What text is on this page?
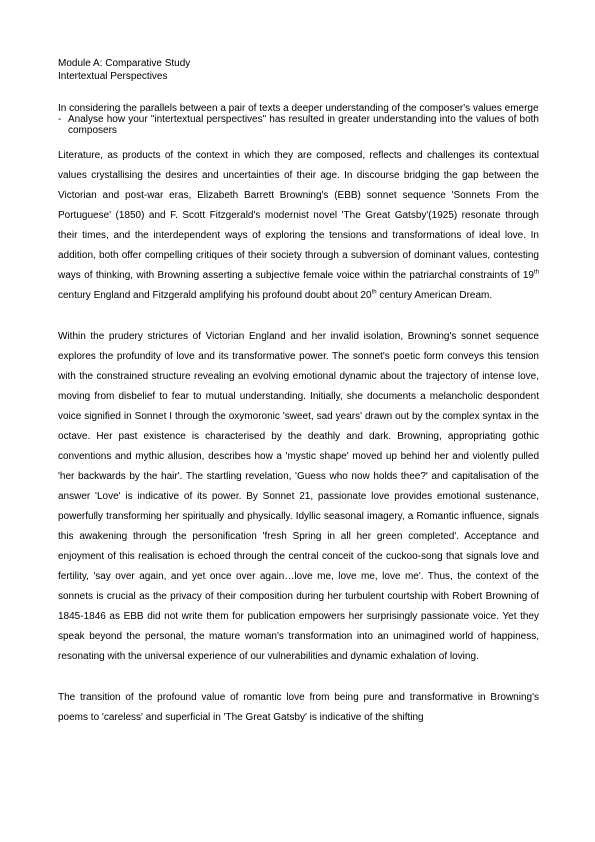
Module A: Comparative Study

Intertextual Perspectives

In considering the parallels between a pair of texts a deeper understanding of the composer's values emerge

- Analyse how your "intertextual perspectives" has resulted in greater understanding into the values of both composers

Literature, as products of the context in which they are composed, reflects and challenges its contextual values crystallising the desires and uncertainties of their age. In discourse bridging the gap between the Victorian and post-war eras, Elizabeth Barrett Browning's (EBB) sonnet sequence 'Sonnets From the Portuguese' (1850) and F. Scott Fitzgerald's modernist novel 'The Great Gatsby'(1925) resonate through their times, and the interdependent ways of exploring the tensions and transformations of ideal love. In addition, both offer compelling critiques of their society through a subversion of dominant values, contesting ways of thinking, with Browning asserting a subjective female voice within the patriarchal constraints of 19th century England and Fitzgerald amplifying his profound doubt about 20th century American Dream.

Within the prudery strictures of Victorian England and her invalid isolation, Browning's sonnet sequence explores the profundity of love and its transformative power. The sonnet's poetic form conveys this tension with the constrained structure revealing an evolving emotional dynamic about the trajectory of intense love, moving from disbelief to fear to mutual understanding. Initially, she documents a melancholic despondent voice signified in Sonnet I through the oxymoronic 'sweet, sad years' drawn out by the complex syntax in the octave. Her past existence is characterised by the deathly and dark. Browning, appropriating gothic conventions and mythic allusion, describes how a 'mystic shape' moved up behind her and violently pulled 'her backwards by the hair'. The startling revelation, 'Guess who now holds thee?' and capitalisation of the answer 'Love' is indicative of its power. By Sonnet 21, passionate love provides emotional sustenance, powerfully transforming her spiritually and physically. Idyllic seasonal imagery, a Romantic influence, signals this awakening through the personification 'fresh Spring in all her green completed'. Acceptance and enjoyment of this realisation is echoed through the central conceit of the cuckoo-song that signals love and fertility, 'say over again, and yet once over again…love me, love me, love me'. Thus, the context of the sonnets is crucial as the privacy of their composition during her turbulent courtship with Robert Browning of 1845-1846 as EBB did not write them for publication empowers her surprisingly passionate voice. Yet they speak beyond the personal, the mature woman's transformation into an unimagined world of happiness, resonating with the universal experience of our vulnerabilities and dynamic exhalation of loving.

The transition of the profound value of romantic love from being pure and transformative in Browning's poems to 'careless' and superficial in 'The Great Gatsby' is indicative of the shifting
